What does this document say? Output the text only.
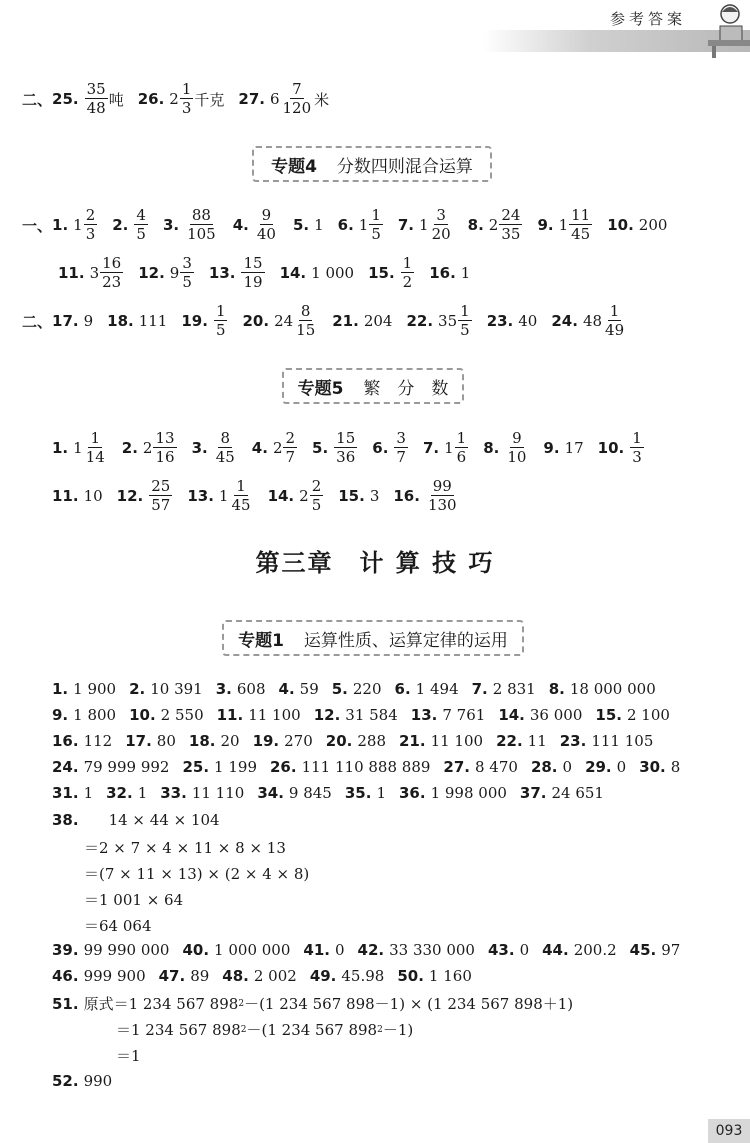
参考答案
二、 25. $\frac{35}{48}$ 吨 26. $2 \frac{1}{3}$ 千克 27. $6 \frac{7}{120}$ 米
专题4 分数四则混合运算
一、 1. $1 \frac{2}{3} 2$. $\frac{4}{5} 3$. $\frac{88}{105} 4$. $\frac{9}{40} 5$. 1 6. $1 \frac{1}{5} 7$. $1 \frac{3}{20} 8$. $2 \frac{24}{35} 9$. $1 \frac{11}{45} 10$. 200
11. $3 \frac{16}{23} 12$. $9 \frac{3}{5} 13$. $\frac{15}{19} 14$. 1 000 15. $\frac{1}{2} 16$. 1
二、 17. 9 18. 111 19. $\frac{1}{5} 20$. $24 \frac{8}{15} 21$. 204 22. $35 \frac{1}{5} 23$. 40 24. $48 \frac{1}{49}$
专题5 繁　分　数
1. $1 \frac{1}{14} 2$. $2 \frac{13}{16} 3$. $\frac{8}{45} 4$. $2 \frac{2}{7} 5$. $\frac{15}{36} 6$. $\frac{3}{7} 7$. $1 \frac{1}{6} 8$. $\frac{9}{10} 9$. 17 10. $\frac{1}{3}$
11. 10 12. $\frac{25}{57} 13$. $1 \frac{1}{45} 14$. $2 \frac{2}{5} 15$. 3 16. $\frac{99}{130}$
第三章 计 算 技 巧
专题1 运算性质、运算定律的运用
1. 1 900 2. 10 391 3. 608 4. 59 5. 220 6. 1 494 7. 2 831 8. 18 000 000
9. 1 800 10. 2 550 11. 11 100 12. 31 584 13. 7 761 14. 36 000 15. 2 100
16. 112 17. 80 18. 20 19. 270 20. 288 21. 11 100 22. 11 23. 111 105
24. 79 999 992 25. 1 199 26. 111 110 888 889 27. 8 470 28. 0 29. 0 30. 8
31. 1 32. 1 33. 11 110 34. 9 845 35. 1 36. 1 998 000 37. 24 651
38. 14 × 44 × 104
＝2 × 7 × 4 × 11 × 8 × 13
＝(7 × 11 × 13) × (2 × 4 × 8)
＝1 001 × 64
＝64 064
39. 99 990 000 40. 1 000 000 41. 0 42. 33 330 000 43. 0 44. 200.2 45. 97
46. 999 900 47. 89 48. 2 002 49. 45.98 50. 1 160
51. 原式＝1 234 567 898 2 －(1 234 567 898－1) × (1 234 567 898＋1)
＝1 234 567 898 2 －(1 234 567 898 2 －1)
＝1
52. 990
093
